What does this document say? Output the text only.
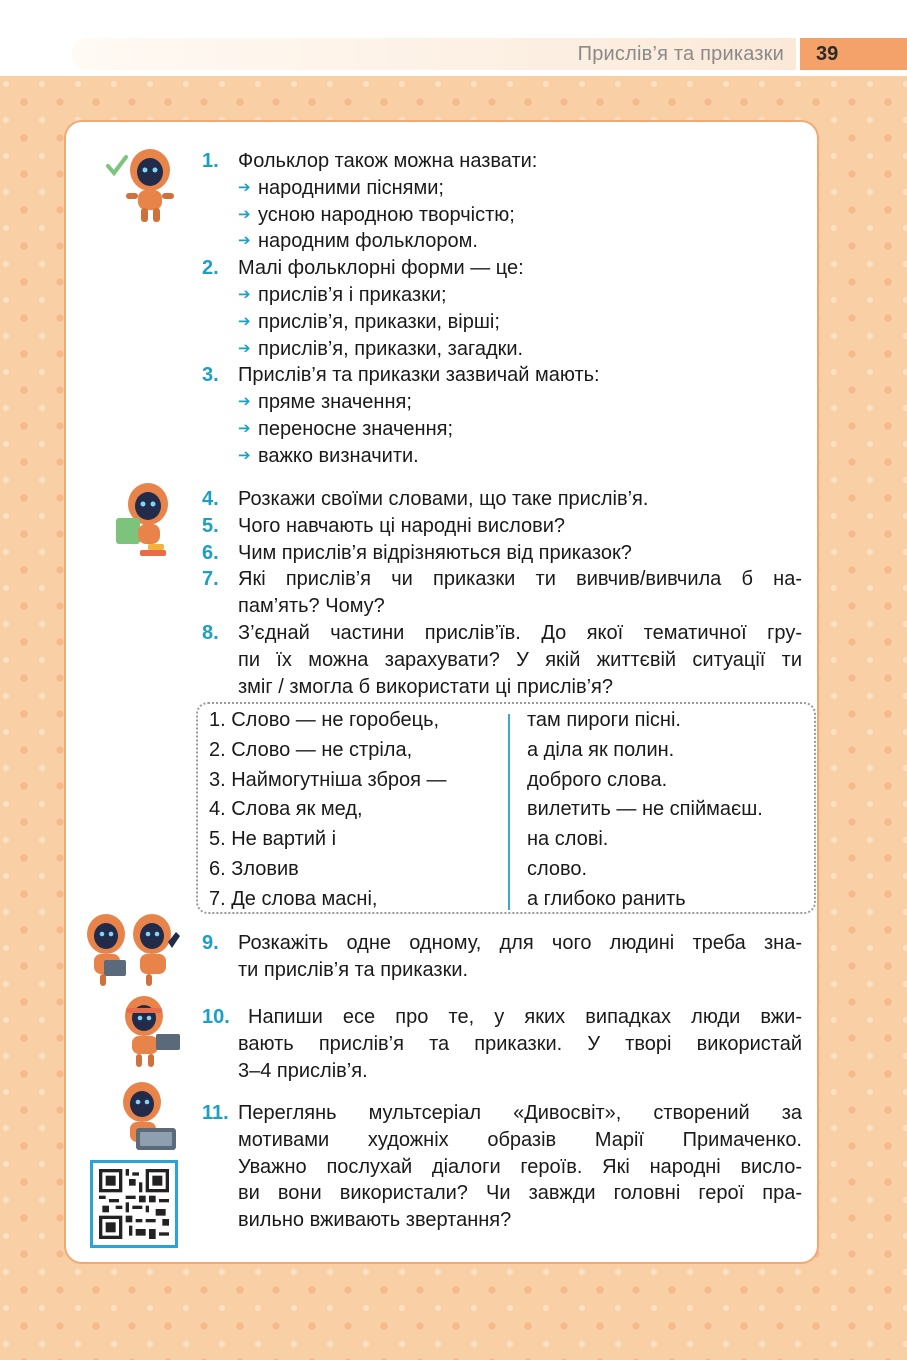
Прислів’я та приказки	39
1. Фольклор також можна назвати:
➔ народними піснями;
➔ усною народною творчістю;
➔ народним фольклором.
2. Малі фольклорні форми — це:
➔ прислів’я і приказки;
➔ прислів’я, приказки, вірші;
➔ прислів’я, приказки, загадки.
3. Прислів’я та приказки зазвичай мають:
➔ пряме значення;
➔ переносне значення;
➔ важко визначити.
4. Розкажи своїми словами, що таке прислів’я.
5. Чого навчають ці народні вислови?
6. Чим прислів’я відрізняються від приказок?
7. Які прислів’я чи приказки ти вивчив/вивчила б на-
пам’ять? Чому?
8. З’єднай частини прислів’їв. До якої тематичної гру-
пи їх можна зарахувати? У якій життєвій ситуації ти
зміг / змогла б використати ці прислів’я?
1. Слово — не горобець,
2. Слово — не стріла,
3. Наймогутніша зброя —
4. Слова як мед,
5. Не вартий і
6. Зловив
7. Де слова масні,
там пироги пісні.
а діла як полин.
доброго слова.
вилетить — не спіймаєш.
на слові.
слово.
а глибоко ранить
9. Розкажіть одне одному, для чого людині треба зна-
ти прислів’я та приказки.
10. Напиши есе про те, у яких випадках люди вжи-
вають прислів’я та приказки. У творі використай
3–4 прислів’я.
11. Переглянь мультсеріал «Дивосвіт», створений за
мотивами художніх образів Марії Примаченко.
Уважно послухай діалоги героїв. Які народні висло-
ви вони використали? Чи завжди головні герої пра-
вильно вживають звертання?
